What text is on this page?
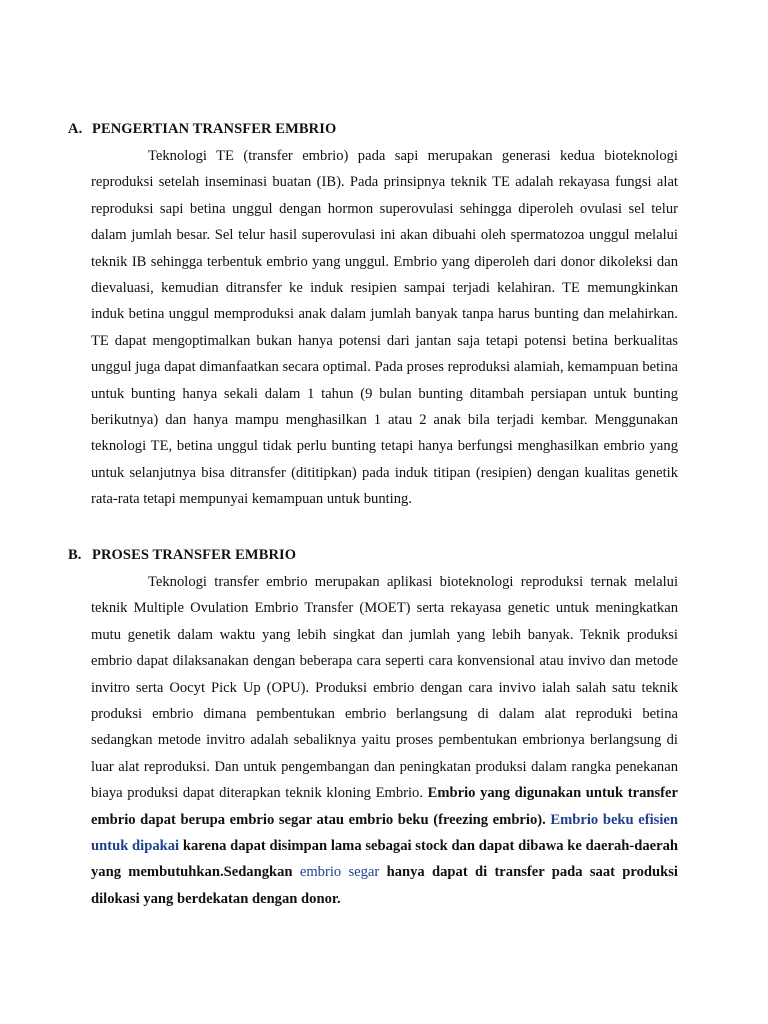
A. PENGERTIAN TRANSFER EMBRIO

Teknologi TE (transfer embrio) pada sapi merupakan generasi kedua bioteknologi reproduksi setelah inseminasi buatan (IB). Pada prinsipnya teknik TE adalah rekayasa fungsi alat reproduksi sapi betina unggul dengan hormon superovulasi sehingga diperoleh ovulasi sel telur dalam jumlah besar. Sel telur hasil superovulasi ini akan dibuahi oleh spermatozoa unggul melalui teknik IB sehingga terbentuk embrio yang unggul. Embrio yang diperoleh dari donor dikoleksi dan dievaluasi, kemudian ditransfer ke induk resipien sampai terjadi kelahiran. TE memungkinkan induk betina unggul memproduksi anak dalam jumlah banyak tanpa harus bunting dan melahirkan. TE dapat mengoptimalkan bukan hanya potensi dari jantan saja tetapi potensi betina berkualitas unggul juga dapat dimanfaatkan secara optimal. Pada proses reproduksi alamiah, kemampuan betina untuk bunting hanya sekali dalam 1 tahun (9 bulan bunting ditambah persiapan untuk bunting berikutnya) dan hanya mampu menghasilkan 1 atau 2 anak bila terjadi kembar. Menggunakan teknologi TE, betina unggul tidak perlu bunting tetapi hanya berfungsi menghasilkan embrio yang untuk selanjutnya bisa ditransfer (dititipkan) pada induk titipan (resipien) dengan kualitas genetik rata-rata tetapi mempunyai kemampuan untuk bunting.

B. PROSES TRANSFER EMBRIO

Teknologi transfer embrio merupakan aplikasi bioteknologi reproduksi ternak melalui teknik Multiple Ovulation Embrio Transfer (MOET) serta rekayasa genetic untuk meningkatkan mutu genetik dalam waktu yang lebih singkat dan jumlah yang lebih banyak. Teknik produksi embrio dapat dilaksanakan dengan beberapa cara seperti cara konvensional atau invivo dan metode invitro serta Oocyt Pick Up (OPU). Produksi embrio dengan cara invivo ialah salah satu teknik produksi embrio dimana pembentukan embrio berlangsung di dalam alat reproduki betina sedangkan metode invitro adalah sebaliknya yaitu proses pembentukan embrionya berlangsung di luar alat reproduksi. Dan untuk pengembangan dan peningkatan produksi dalam rangka penekanan biaya produksi dapat diterapkan teknik kloning Embrio. Embrio yang digunakan untuk transfer embrio dapat berupa embrio segar atau embrio beku (freezing embrio). Embrio beku efisien untuk dipakai karena dapat disimpan lama sebagai stock dan dapat dibawa ke daerah-daerah yang membutuhkan.Sedangkan embrio segar hanya dapat di transfer pada saat produksi dilokasi yang berdekatan dengan donor.
